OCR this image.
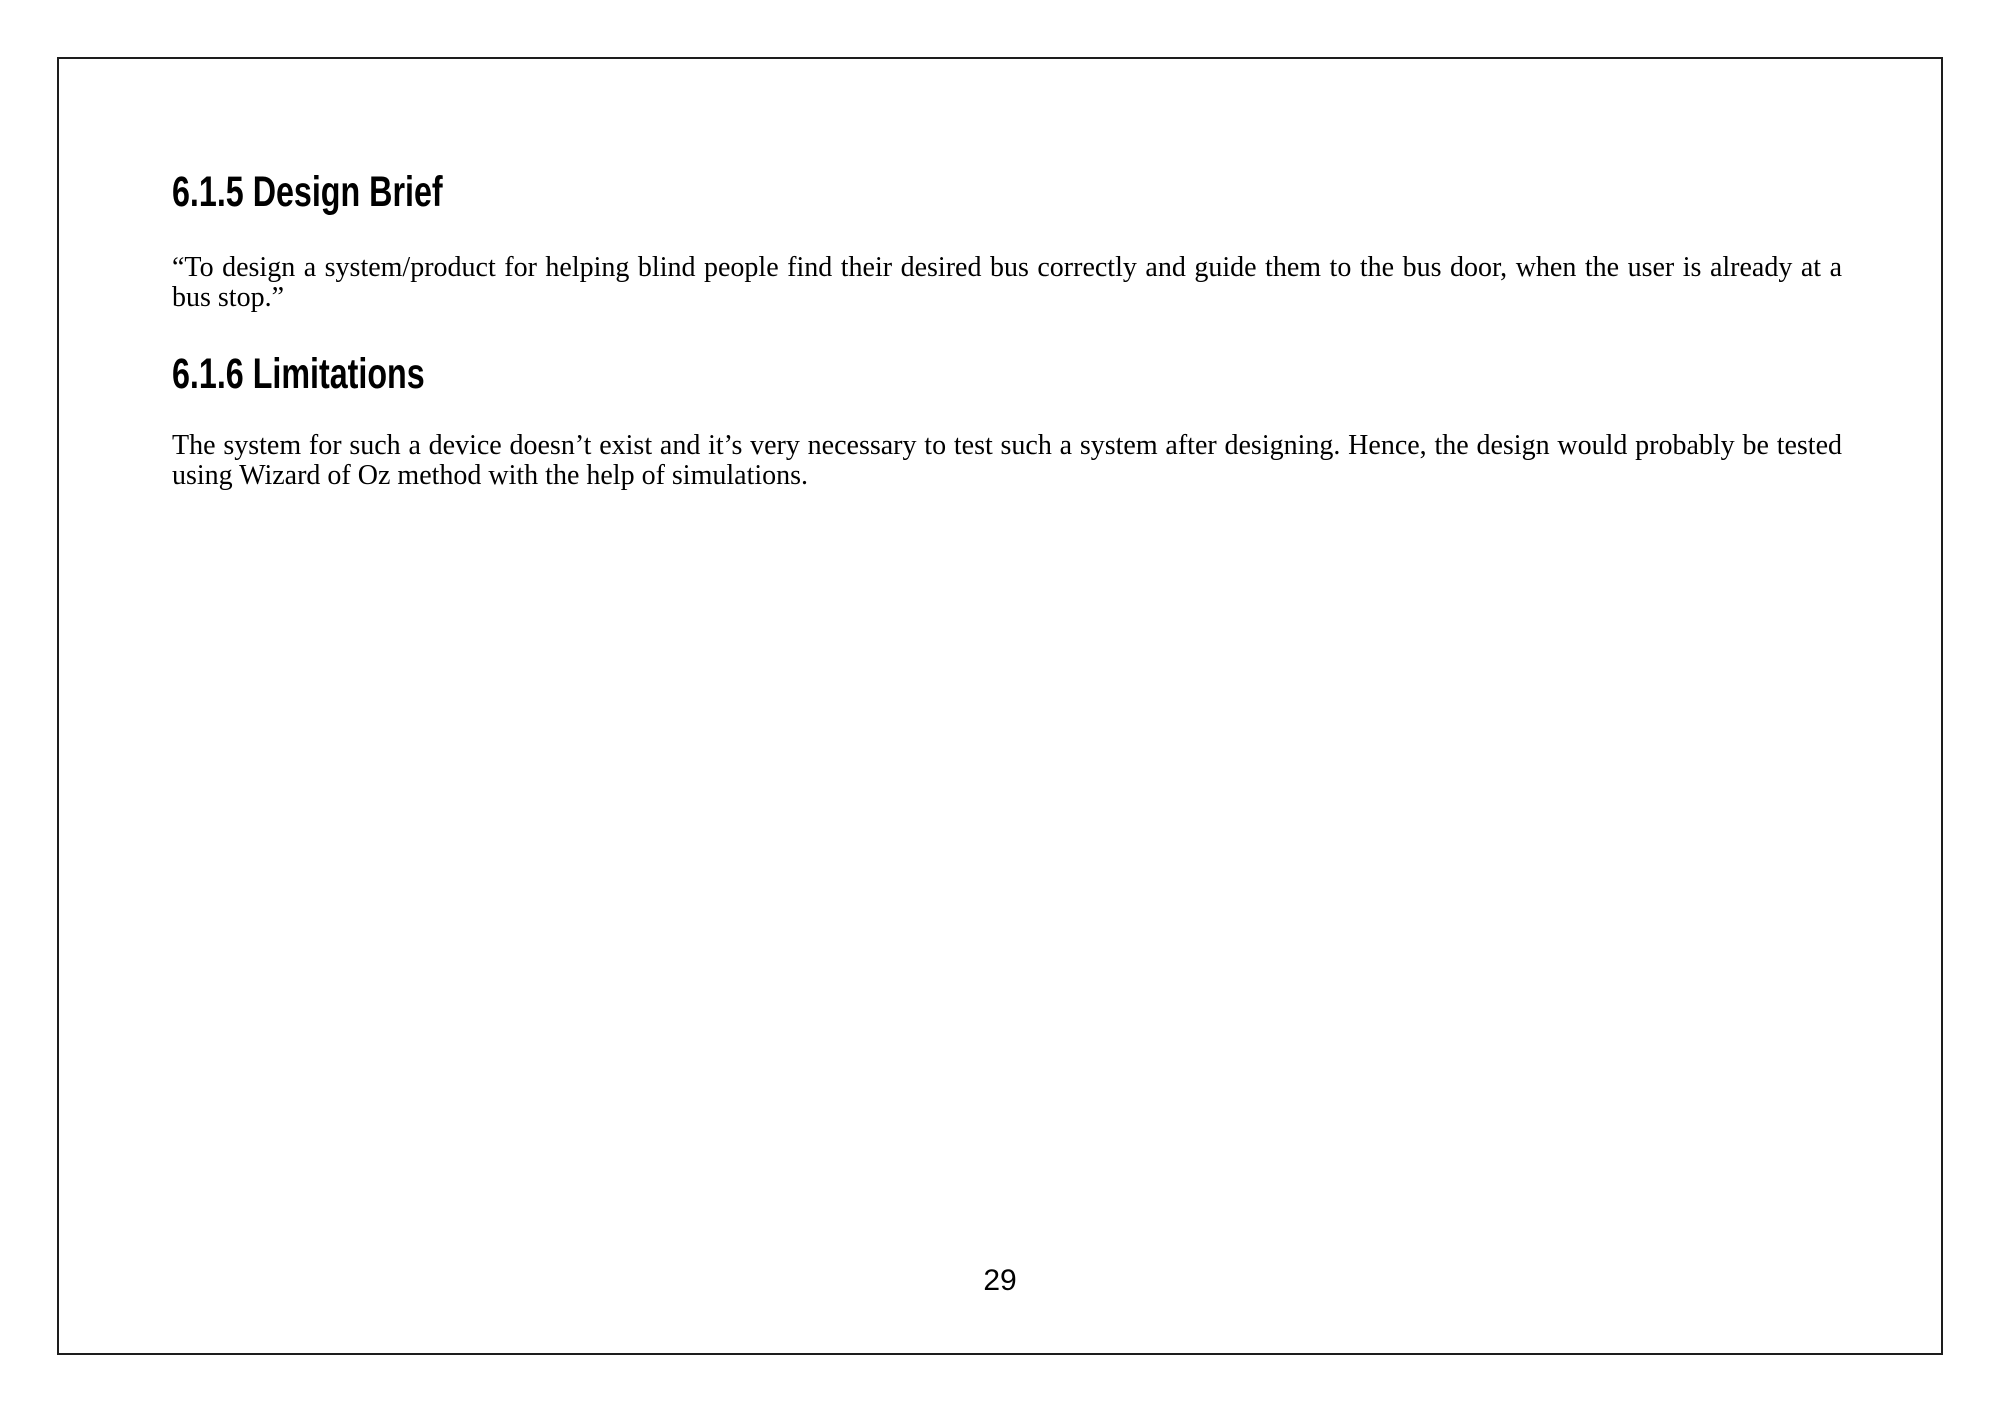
6.1.5 Design Brief

“To design a system/product for helping blind people find their desired bus correctly and guide them to the bus door, when the user is already at a bus stop.”

6.1.6 Limitations

The system for such a device doesn’t exist and it’s very necessary to test such a system after designing. Hence, the design would probably be tested using Wizard of Oz method with the help of simulations.

29
